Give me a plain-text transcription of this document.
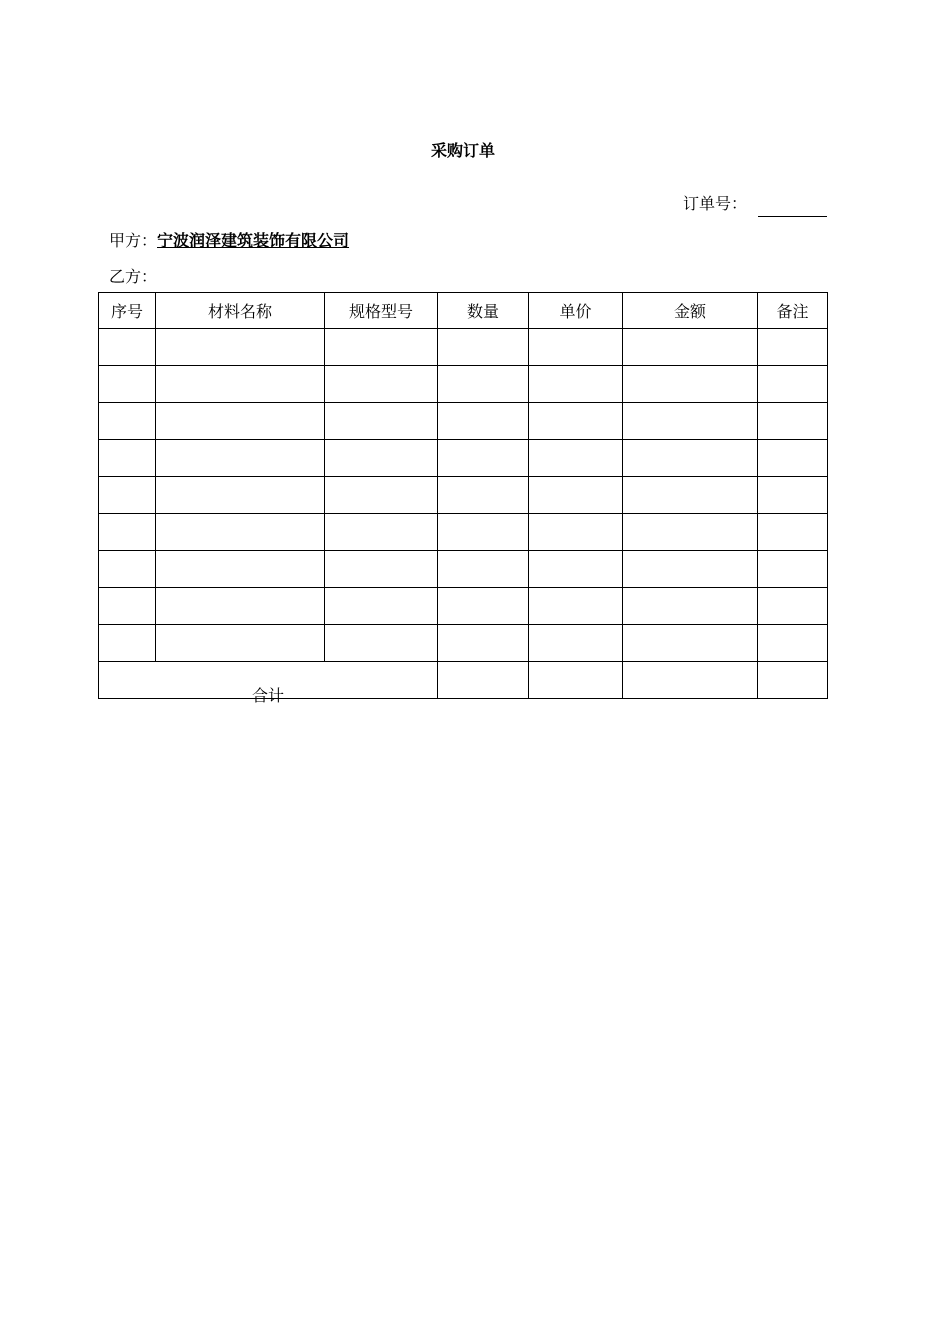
采购订单
订单号：
甲方：宁波润泽建筑装饰有限公司
乙方：
序号	材料名称	规格型号	数量	单价	金额	备注

合计						
